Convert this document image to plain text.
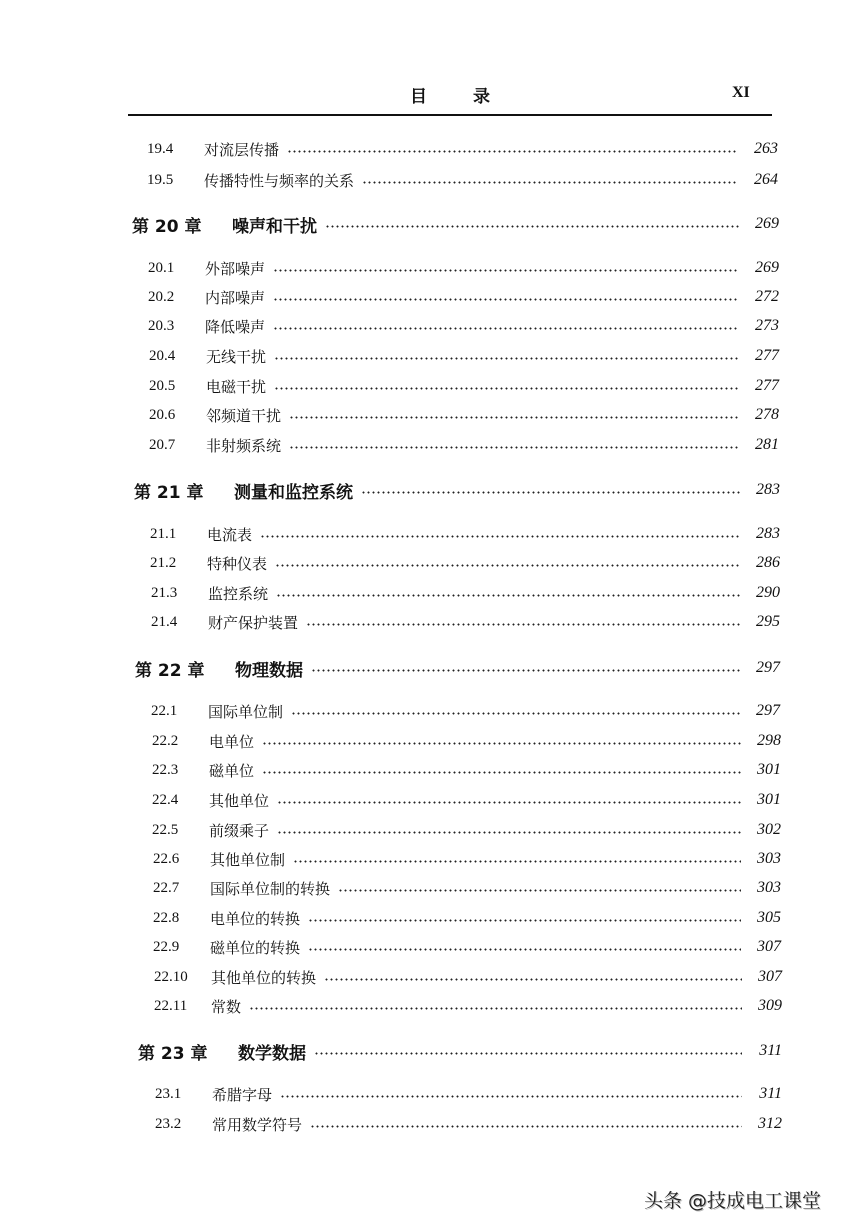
目录	XI
19.4	对流层传播	263
19.5	传播特性与频率的关系	264
第 20 章	噪声和干扰	269
20.1	外部噪声	269
20.2	内部噪声	272
20.3	降低噪声	273
20.4	无线干扰	277
20.5	电磁干扰	277
20.6	邻频道干扰	278
20.7	非射频系统	281
第 21 章	测量和监控系统	283
21.1	电流表	283
21.2	特种仪表	286
21.3	监控系统	290
21.4	财产保护装置	295
第 22 章	物理数据	297
22.1	国际单位制	297
22.2	电单位	298
22.3	磁单位	301
22.4	其他单位	301
22.5	前缀乘子	302
22.6	其他单位制	303
22.7	国际单位制的转换	303
22.8	电单位的转换	305
22.9	磁单位的转换	307
22.10	其他单位的转换	307
22.11	常数	309
第 23 章	数学数据	311
23.1	希腊字母	311
23.2	常用数学符号	312
头条 @技成电工课堂
